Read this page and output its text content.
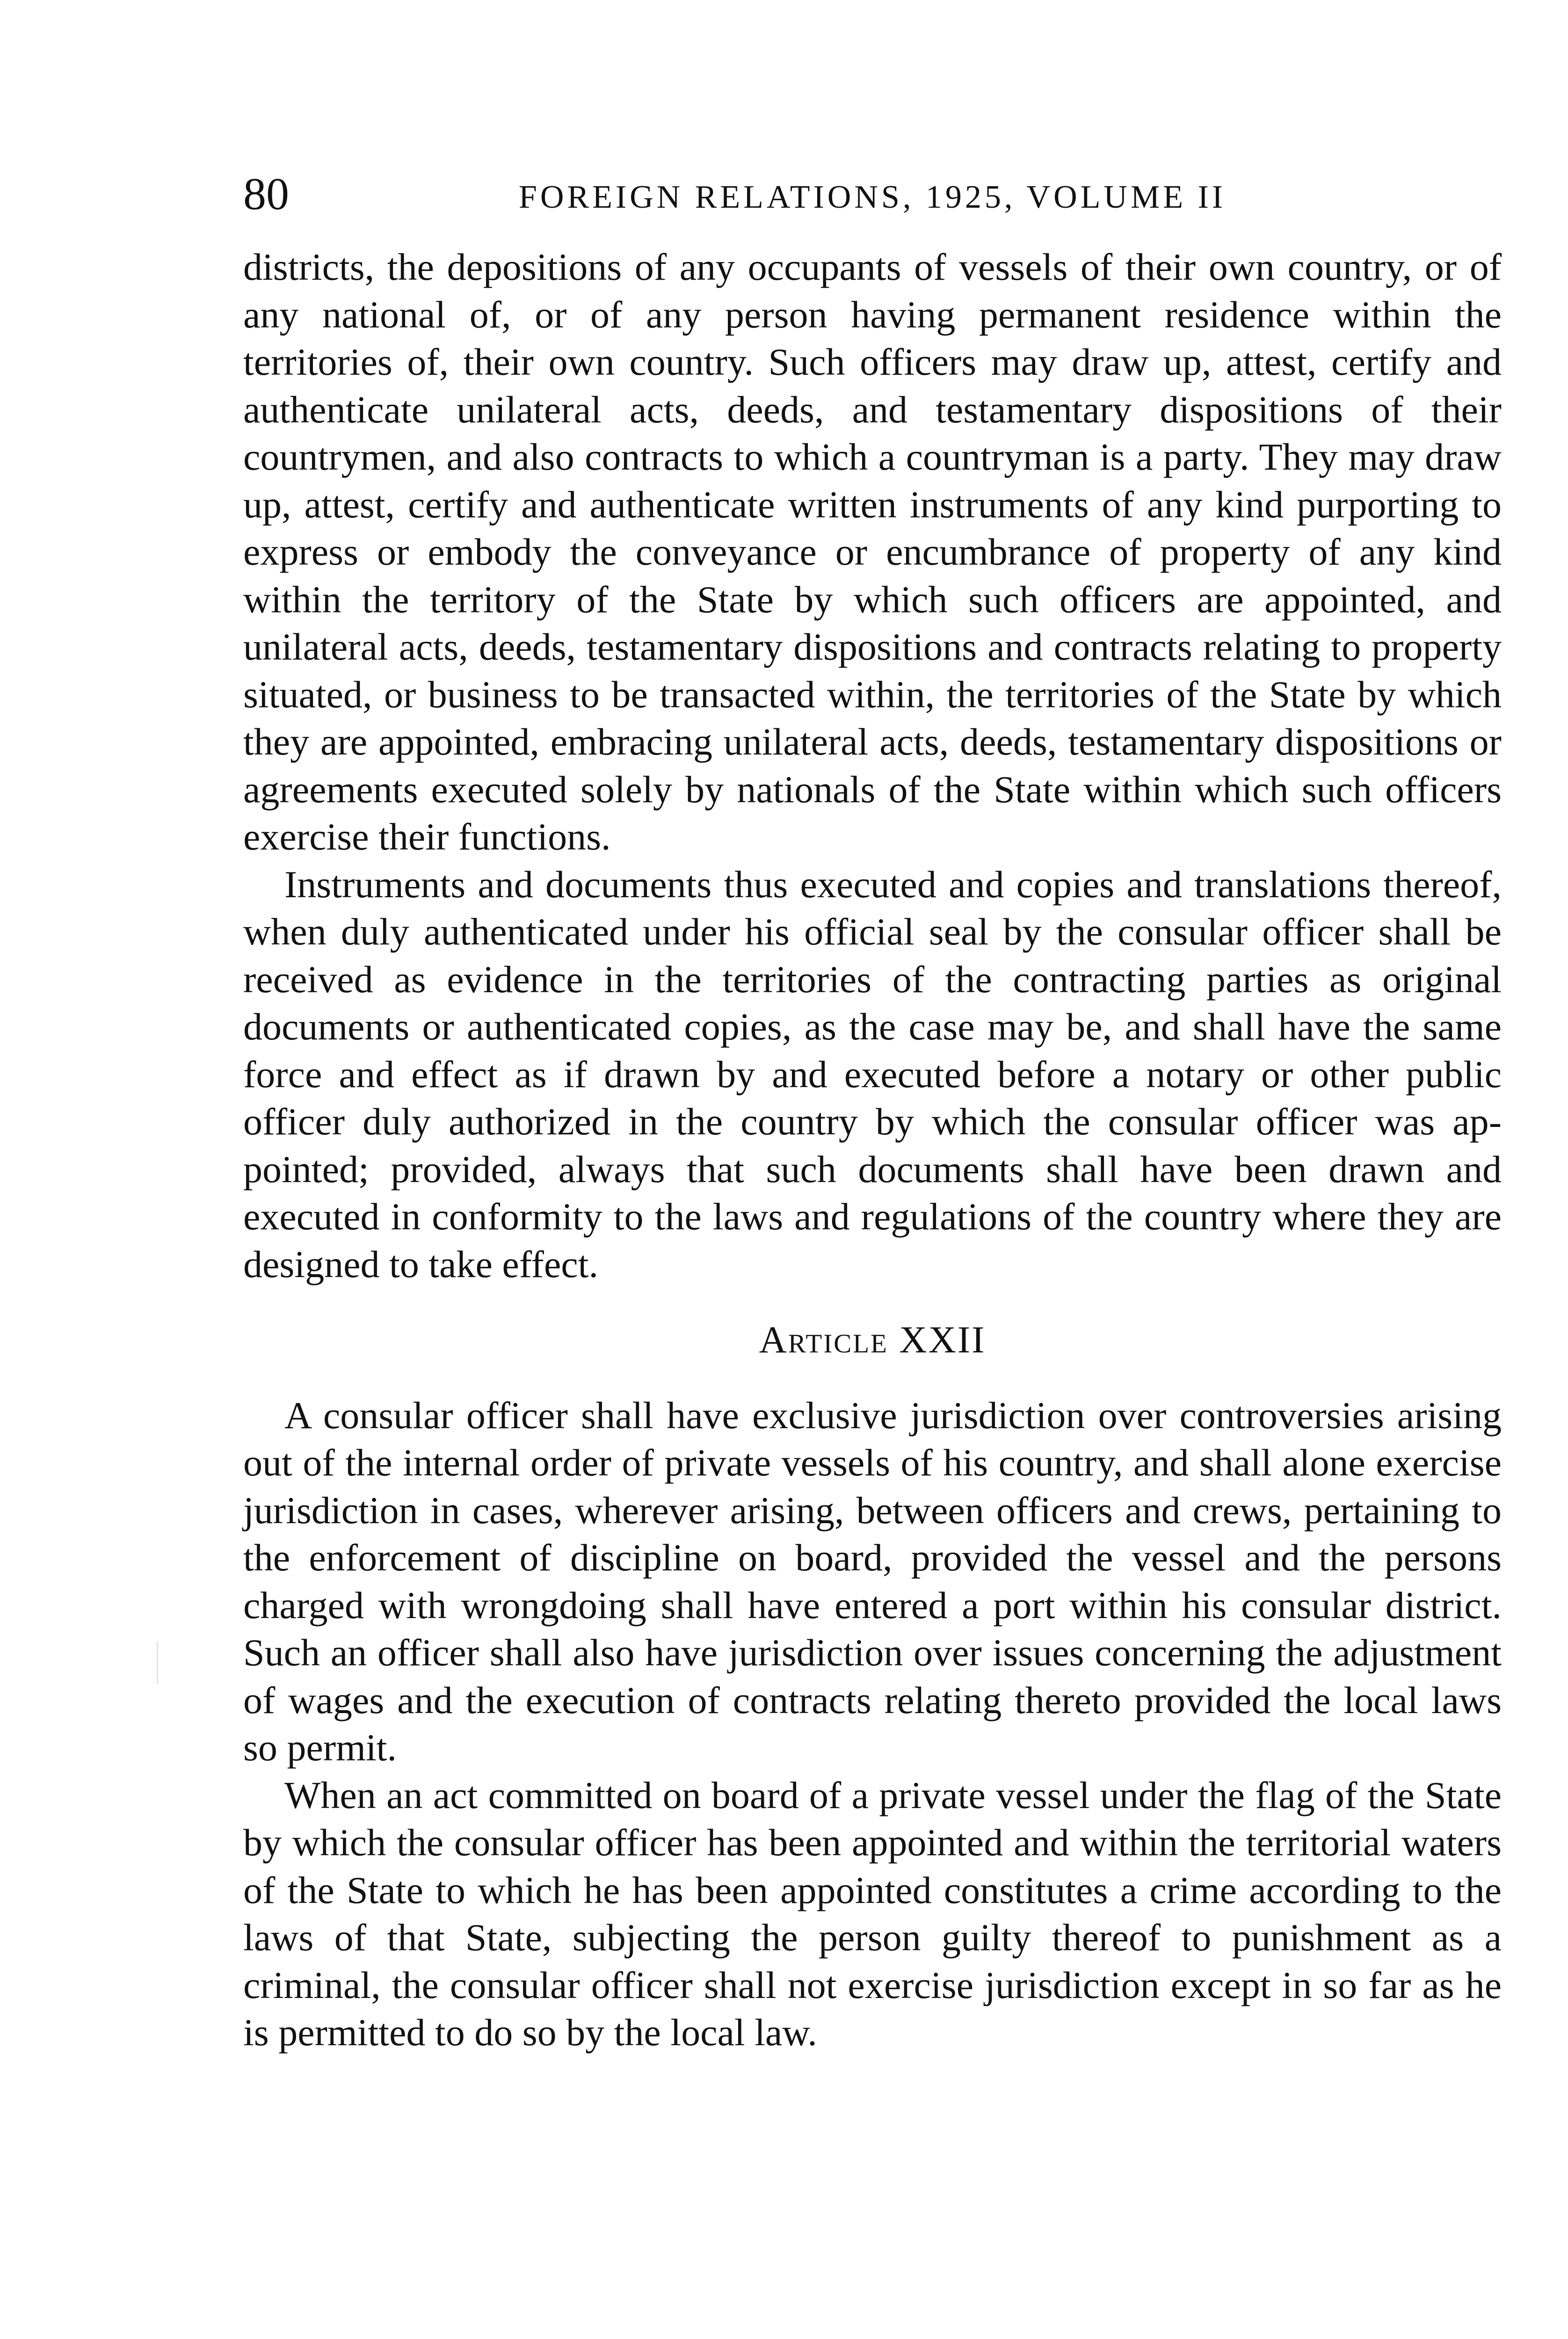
80	FOREIGN RELATIONS, 1925, VOLUME II

districts, the depositions of any occupants of vessels of their own country, or of any national of, or of any person having permanent residence within the territories of, their own country. Such officers may draw up, attest, certify and authenticate unilateral acts, deeds, and testamentary dispositions of their countrymen, and also contracts to which a countryman is a party. They may draw up, attest, certify and authenticate written instruments of any kind purporting to express or embody the conveyance or encumbrance of property of any kind within the territory of the State by which such officers are appointed, and unilateral acts, deeds, testamentary dispositions and contracts relating to property situated, or business to be transacted within, the territories of the State by which they are appointed, embracing unilateral acts, deeds, testamentary dispositions or agreements executed solely by nationals of the State within which such officers exercise their functions.

Instruments and documents thus executed and copies and translations thereof, when duly authenticated under his official seal by the consular officer shall be received as evidence in the territories of the contracting parties as original documents or authenticated copies, as the case may be, and shall have the same force and effect as if drawn by and executed before a notary or other public officer duly authorized in the country by which the consular officer was appointed; provided, always that such documents shall have been drawn and executed in conformity to the laws and regulations of the country where they are designed to take effect.

Article XXII

A consular officer shall have exclusive jurisdiction over controversies arising out of the internal order of private vessels of his country, and shall alone exercise jurisdiction in cases, wherever arising, between officers and crews, pertaining to the enforcement of discipline on board, provided the vessel and the persons charged with wrongdoing shall have entered a port within his consular district. Such an officer shall also have jurisdiction over issues concerning the adjustment of wages and the execution of contracts relating thereto provided the local laws so permit.

When an act committed on board of a private vessel under the flag of the State by which the consular officer has been appointed and within the territorial waters of the State to which he has been appointed constitutes a crime according to the laws of that State, subjecting the person guilty thereof to punishment as a criminal, the consular officer shall not exercise jurisdiction except in so far as he is permitted to do so by the local law.
